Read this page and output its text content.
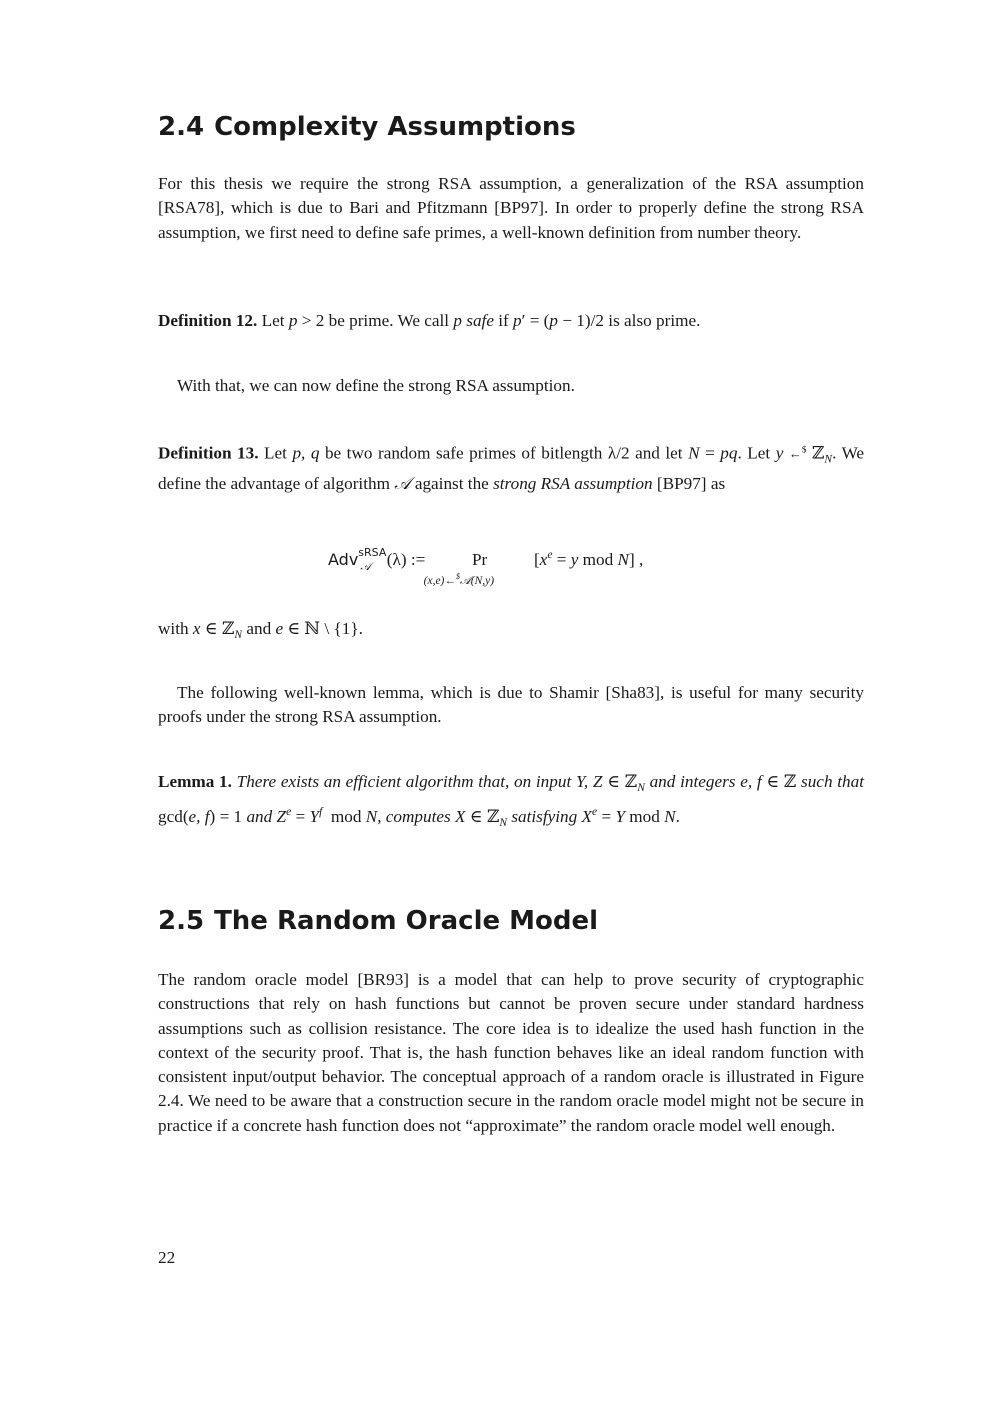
2.4 Complexity Assumptions

For this thesis we require the strong RSA assumption, a generalization of the RSA assumption [RSA78], which is due to Bari and Pfitzmann [BP97]. In order to properly define the strong RSA assumption, we first need to define safe primes, a well-known definition from number theory.

Definition 12. Let p > 2 be prime. We call p safe if p′ = (p − 1)/2 is also prime.

With that, we can now define the strong RSA assumption.

Definition 13. Let p, q be two random safe primes of bitlength λ/2 and let N = pq. Let y ←$ ℤ$_N$. We define the advantage of algorithm 𝒜 against the strong RSA assumption [BP97] as

Adv$^{sRSA}_𝒜$ (λ) :=	Pr
(x,e)←$𝒜(N,y)
[$x^e = y$ mod N] ,

with x ∈ ℤ$_N$ and e ∈ ℕ \ {1}.

The following well-known lemma, which is due to Shamir [Sha83], is useful for many security proofs under the strong RSA assumption.

Lemma 1. There exists an efficient algorithm that, on input Y, Z ∈ ℤ$_N$ and integers e, f ∈ ℤ such that gcd(e, f) = 1 and $Z^e = Y^f$  mod N, computes X ∈ ℤ$_N$ satisfying $X^e = Y$ mod N.

2.5 The Random Oracle Model

The random oracle model [BR93] is a model that can help to prove security of cryptographic constructions that rely on hash functions but cannot be proven secure under standard hardness assumptions such as collision resistance. The core idea is to idealize the used hash function in the context of the security proof. That is, the hash function behaves like an ideal random function with consistent input/output behavior. The conceptual approach of a random oracle is illustrated in Figure 2.4. We need to be aware that a construction secure in the random oracle model might not be secure in practice if a concrete hash function does not “approximate” the random oracle model well enough.

22
